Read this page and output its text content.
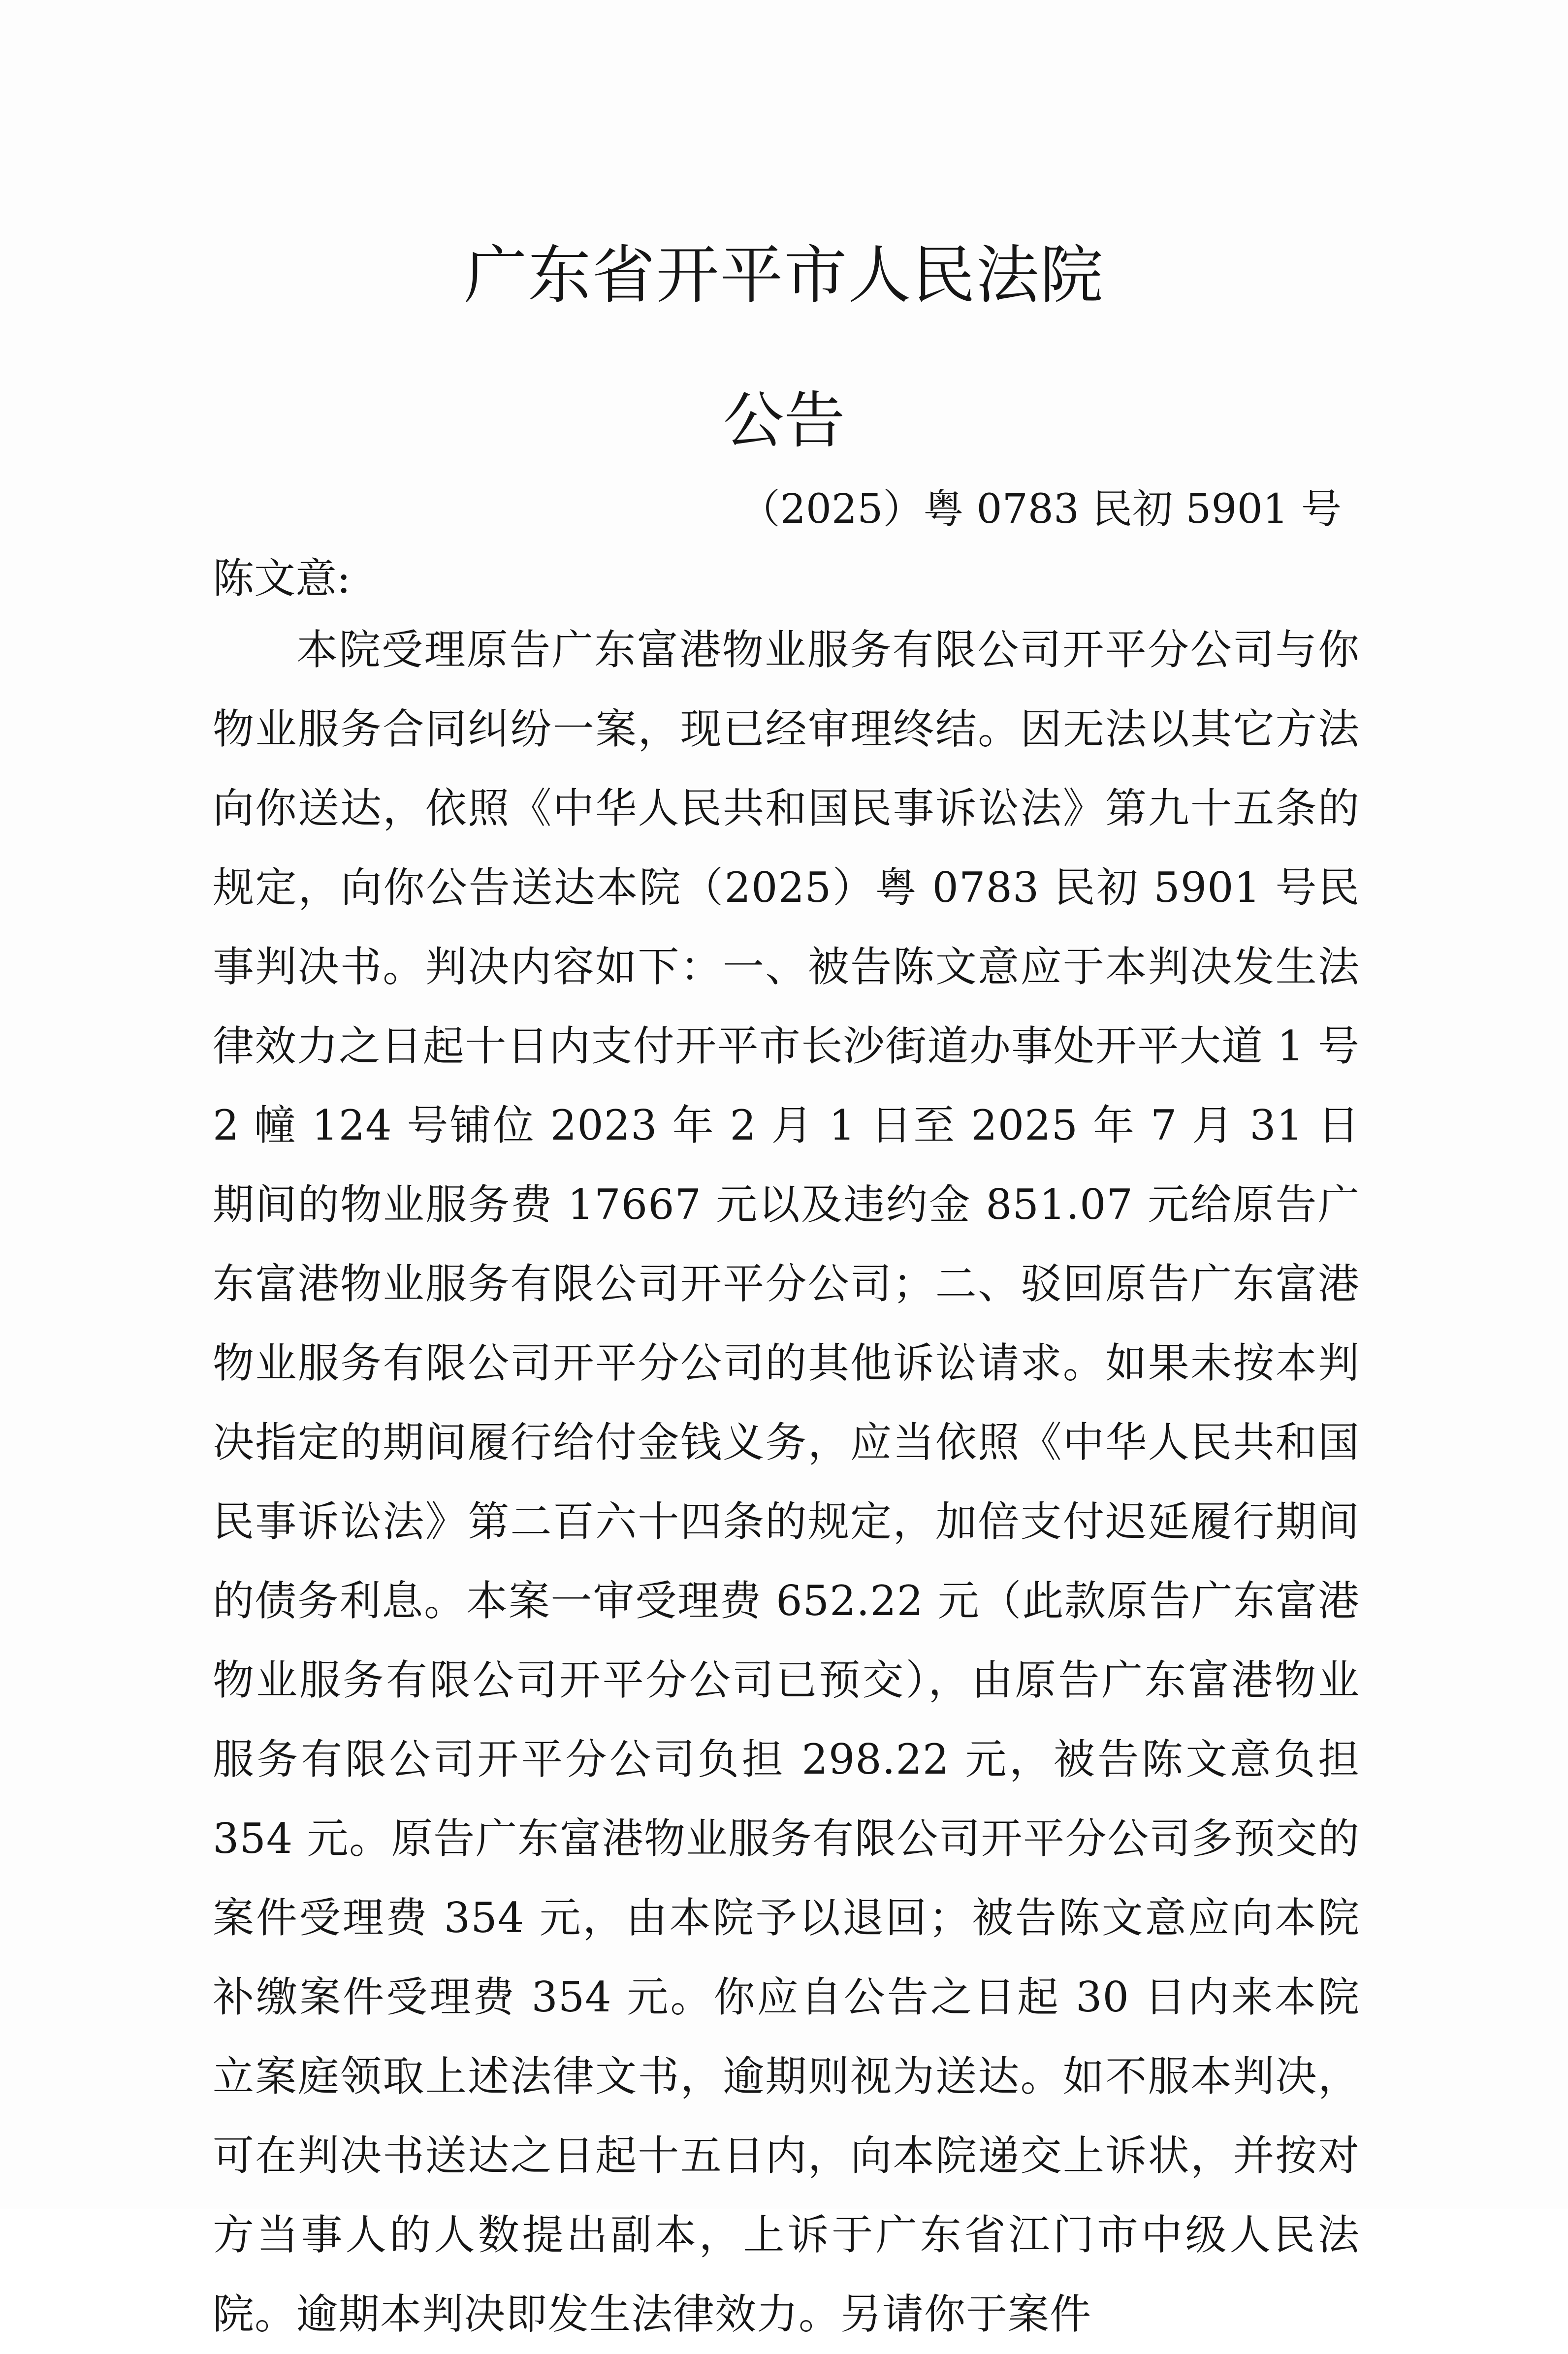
广东省开平市人民法院
公告
（2025）粤 0783 民初 5901 号
陈文意:

本院受理原告广东富港物业服务有限公司开平分公司与你物业服务合同纠纷一案，现已经审理终结。因无法以其它方法向你送达，依照《中华人民共和国民事诉讼法》第九十五条的规定，向你公告送达本院（2025）粤 0783 民初 5901 号民事判决书。判决内容如下：一、被告陈文意应于本判决发生法律效力之日起十日内支付开平市长沙街道办事处开平大道 1 号 2 幢 124 号铺位 2023 年 2 月 1 日至 2025 年 7 月 31 日期间的物业服务费 17667 元以及违约金 851.07 元给原告广东富港物业服务有限公司开平分公司；二、驳回原告广东富港物业服务有限公司开平分公司的其他诉讼请求。如果未按本判决指定的期间履行给付金钱义务，应当依照《中华人民共和国民事诉讼法》第二百六十四条的规定，加倍支付迟延履行期间的债务利息。本案一审受理费 652.22 元（此款原告广东富港物业服务有限公司开平分公司已预交），由原告广东富港物业服务有限公司开平分公司负担 298.22 元，被告陈文意负担 354 元。原告广东富港物业服务有限公司开平分公司多预交的案件受理费 354 元，由本院予以退回；被告陈文意应向本院补缴案件受理费 354 元。你应自公告之日起 30 日内来本院立案庭领取上述法律文书，逾期则视为送达。如不服本判决，可在判决书送达之日起十五日内，向本院递交上诉状，并按对方当事人的人数提出副本，上诉于广东省江门市中级人民法院。逾期本判决即发生法律效力。另请你于案件
